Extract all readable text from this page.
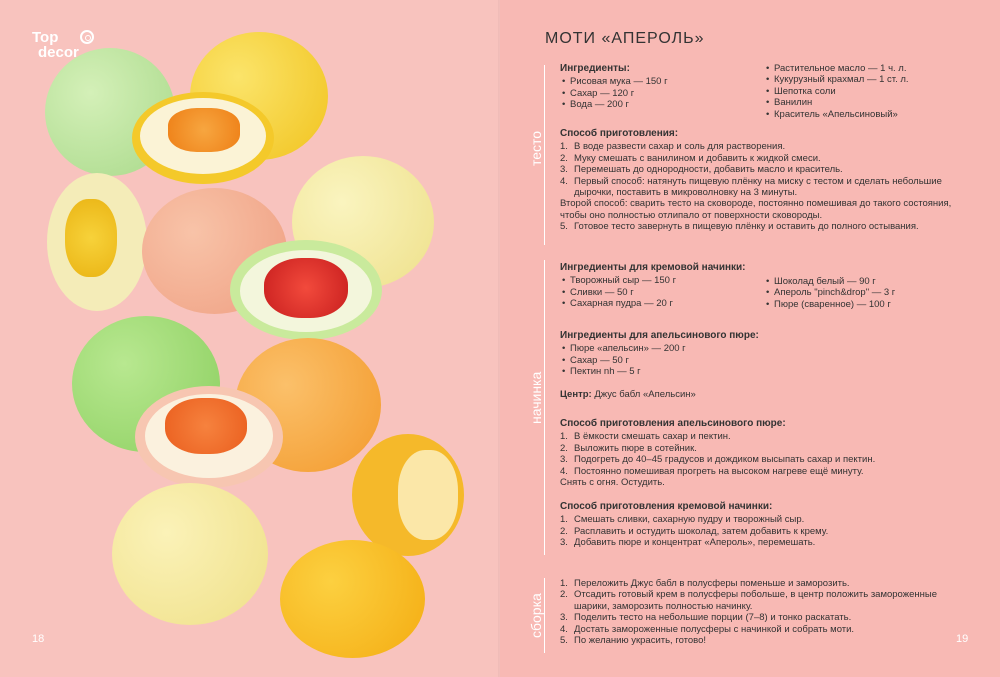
Top
decor
18	19
МОТИ «АПЕРОЛЬ»
тесто
начинка
сборка
Ингредиенты:
• Рисовая мука — 150 г
• Сахар — 120 г
• Вода — 200 г
• Растительное масло — 1 ч. л.
• Кукурузный крахмал — 1 ст. л.
• Шепотка соли
• Ванилин
• Краситель «Апельсиновый»
Способ приготовления:
1. В воде развести сахар и соль для растворения.
2. Муку смешать с ванилином и добавить к жидкой смеси.
3. Перемешать до однородности, добавить масло и краситель.
4. Первый способ: натянуть пищевую плёнку на миску с тестом и сделать небольшие дырочки, поставить в микроволновку на 3 минуты.
Второй способ: сварить тесто на сковороде, постоянно помешивая до такого состояния, чтобы оно полностью отлипало от поверхности сковороды.
5. Готовое тесто завернуть в пищевую плёнку и оставить до полного остывания.
Ингредиенты для кремовой начинки:
• Творожный сыр — 150 г
• Сливки — 50 г
• Сахарная пудра — 20 г
• Шоколад белый — 90 г
• Апероль "pinch&drop" — 3 г
• Пюре (сваренное) — 100 г
Ингредиенты для апельсинового пюре:
• Пюре «апельсин» — 200 г
• Сахар — 50 г
• Пектин nh — 5 г
Центр: Джус бабл «Апельсин»
Способ приготовления апельсинового пюре:
1. В ёмкости смешать сахар и пектин.
2. Выложить пюре в сотейник.
3. Подогреть до 40–45 градусов и дождиком высыпать сахар и пектин.
4. Постоянно помешивая прогреть на высоком нагреве ещё минуту.
Снять с огня. Остудить.
Способ приготовления кремовой начинки:
1. Смешать сливки, сахарную пудру и творожный сыр.
2. Расплавить и остудить шоколад, затем добавить к крему.
3. Добавить пюре и концентрат «Апероль», перемешать.
1. Переложить Джус бабл в полусферы поменьше и заморозить.
2. Отсадить готовый крем в полусферы побольше, в центр положить замороженные шарики, заморозить полностью начинку.
3. Поделить тесто на небольшие порции (7–8) и тонко раскатать.
4. Достать замороженные полусферы с начинкой и собрать моти.
5. По желанию украсить, готово!
